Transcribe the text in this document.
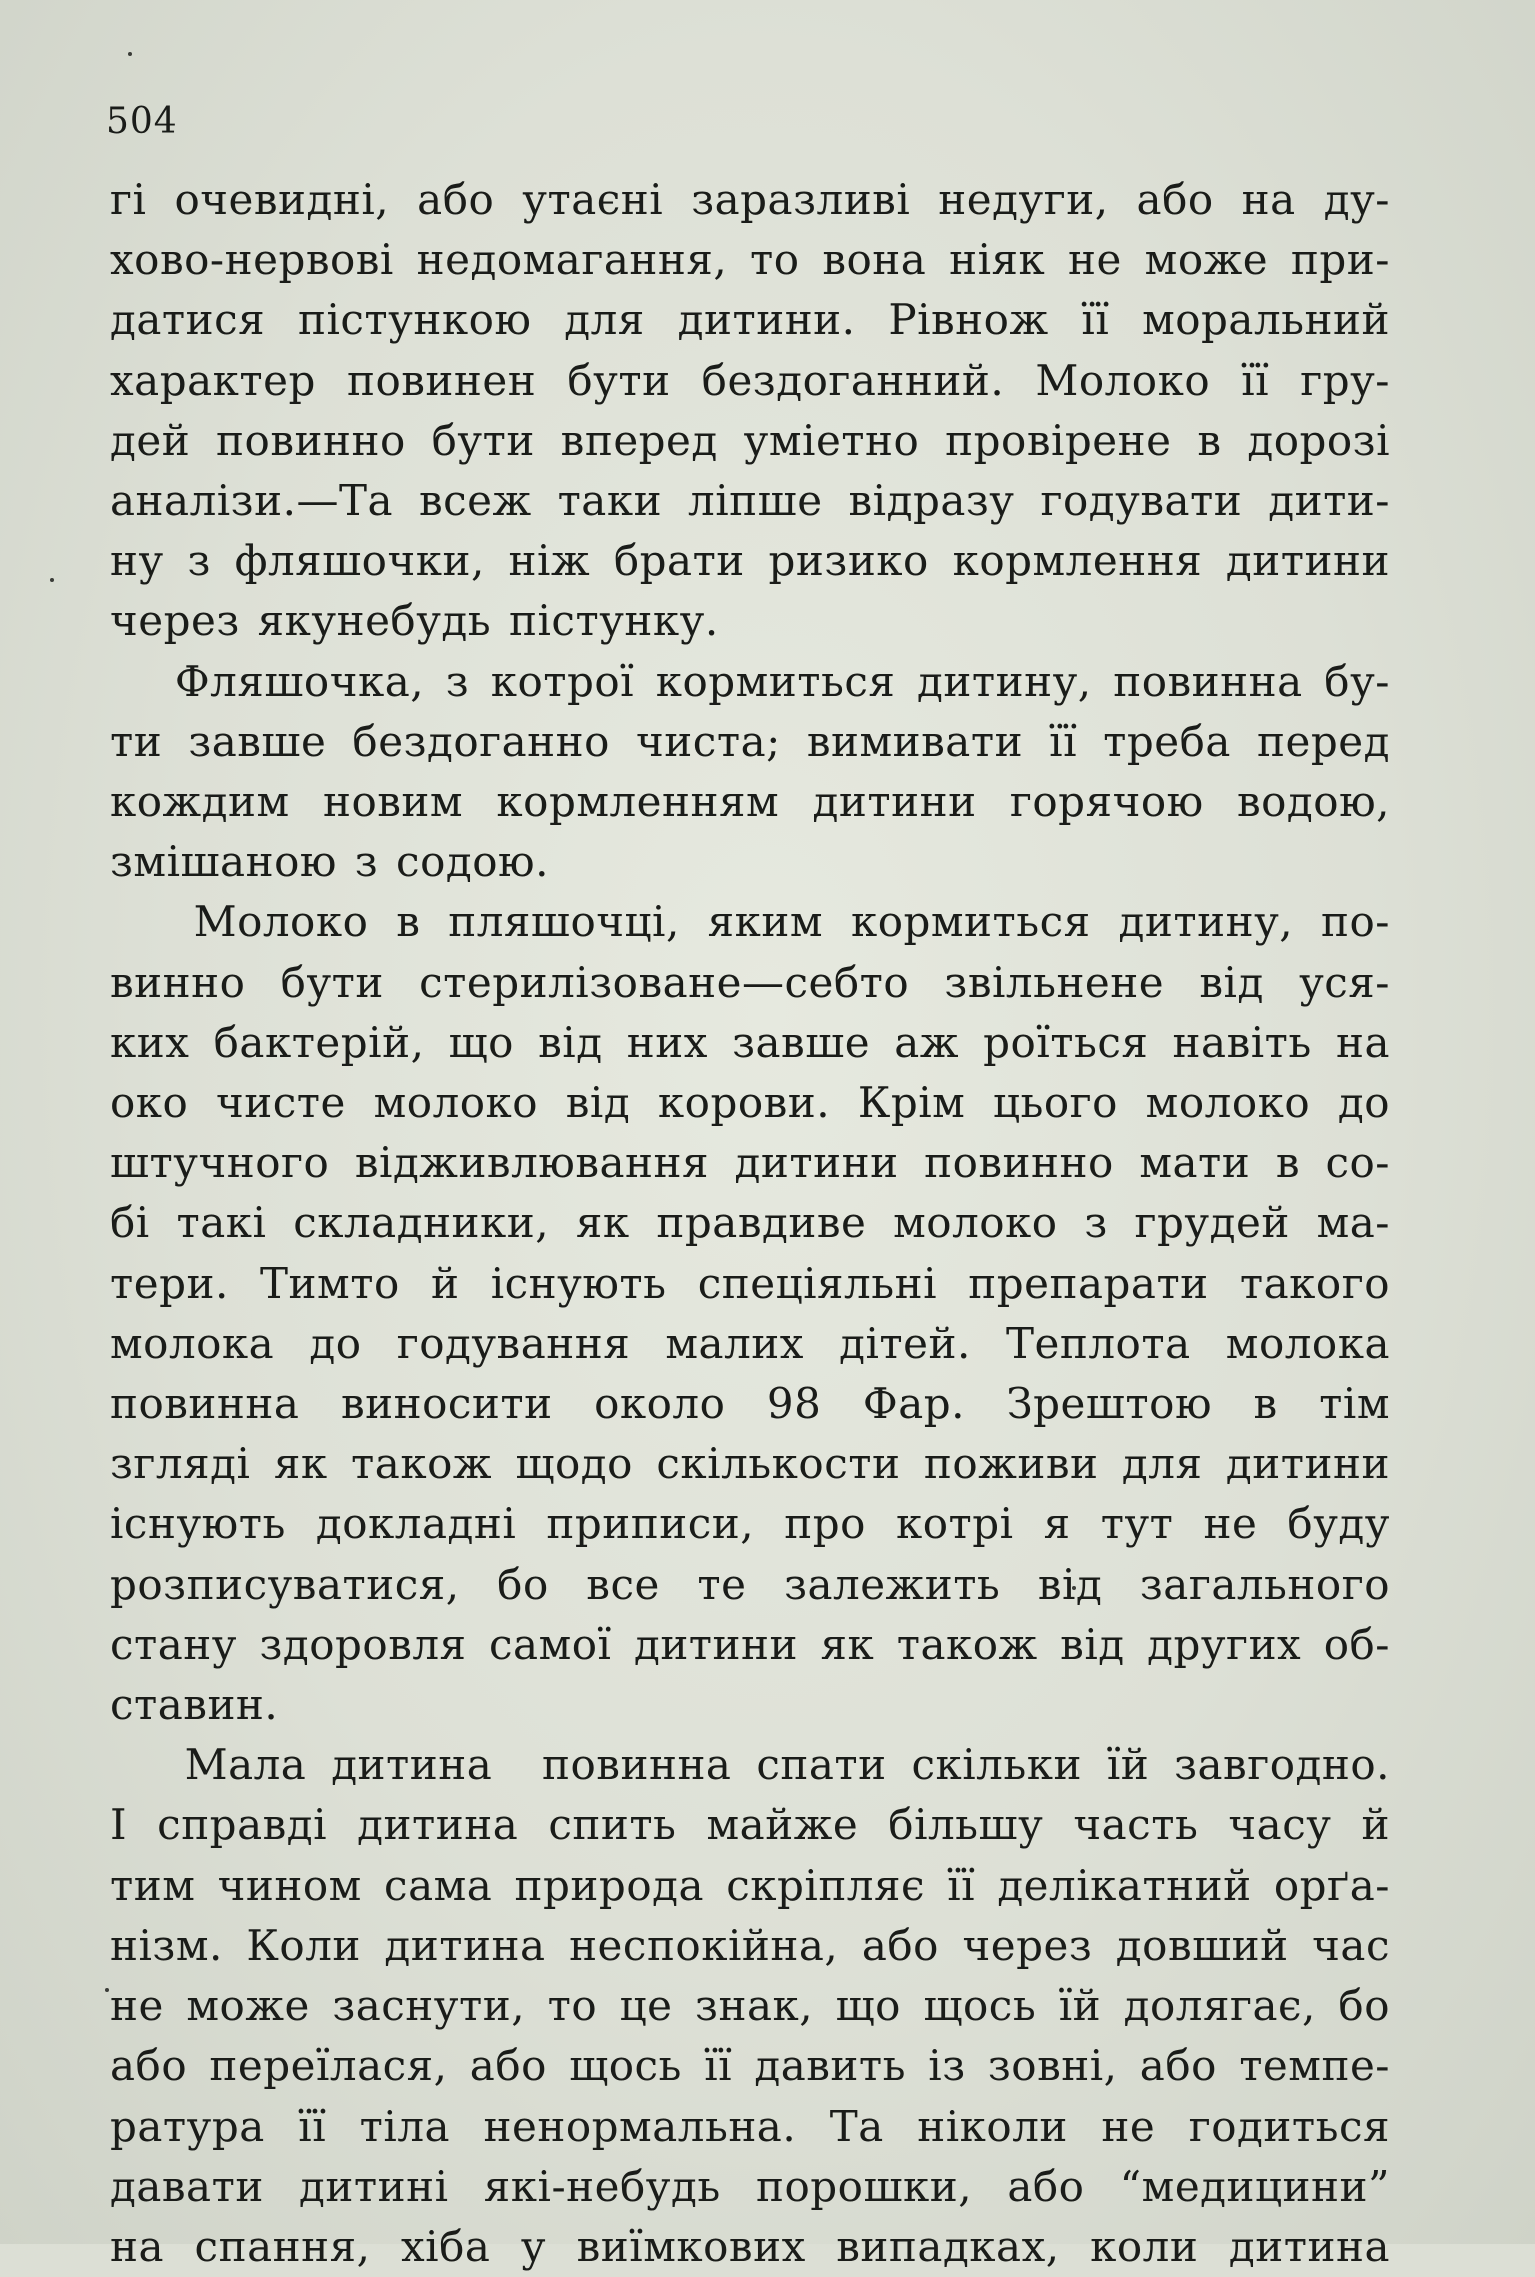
504

гі очевидні, або утаєні заразливі недуги, або на ду-

хово-нервові недомагання, то вона ніяк не може при-

датися пістункою для дитини. Рівнож її моральний

характер повинен бути бездоганний. Молоко її гру-

дей повинно бути вперед уміетно провірене в дорозі

аналізи.—Та всеж таки ліпше відразу годувати дити-

ну з фляшочки, ніж брати ризико кормлення дитини

через якунебудь пістунку.

Фляшочка, з котрої кормиться дитину, повинна бу-

ти завше бездоганно чиста; вимивати її треба перед

кождим новим кормленням дитини горячою водою,

змішаною з содою.

Молоко в пляшочці, яким кормиться дитину, по-

винно бути стерилізоване—себто звільнене від уся-

ких бактерій, що від них завше аж роїться навіть на

око чисте молоко від корови. Крім цього молоко до

штучного відживлювання дитини повинно мати в со-

бі такі складники, як правдиве молоко з грудей ма-

тери. Тимто й існують спеціяльні препарати такого

молока до годування малих дітей. Теплота молока

повинна виносити около 98 Фар. Зрештою в тім

зглядi як також щодо скількости поживи для дитини

існують докладні приписи, про котрі я тут не буду

розписуватися, бо все те залежить від загального

стану здоровля самої дитини як також від других об-

ставин.

Мала дитина  повинна спати скільки їй завгодно.

І справді дитина спить майже більшу часть часу й

тим чином сама природа скріпляє її делікатний орґа-

нізм. Коли дитина неспокійна, або через довший час

не може заснути, то це знак, що щось їй долягає, бо

або переїлася, або щось її давить із зовні, або темпе-

ратура її тіла ненормальна. Та ніколи не годиться

давати дитині які-небудь порошки, або “медицини”

на спання, хіба у виїмкових випадках, коли дитина
